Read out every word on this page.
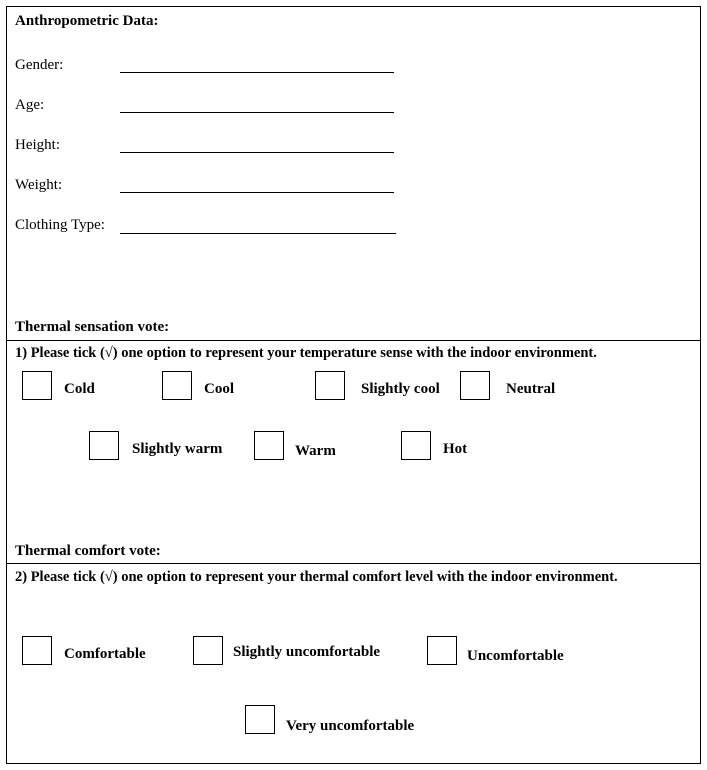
Anthropometric Data:
Gender:
Age:
Height:
Weight:
Clothing Type:
Thermal sensation vote:
1) Please tick (√) one option to represent your temperature sense with the indoor environment.
Cold	Cool	Slightly cool	Neutral
Slightly warm	Warm	Hot
Thermal comfort vote:
2) Please tick (√) one option to represent your thermal comfort level with the indoor environment.
Comfortable	Slightly uncomfortable	Uncomfortable
Very uncomfortable
